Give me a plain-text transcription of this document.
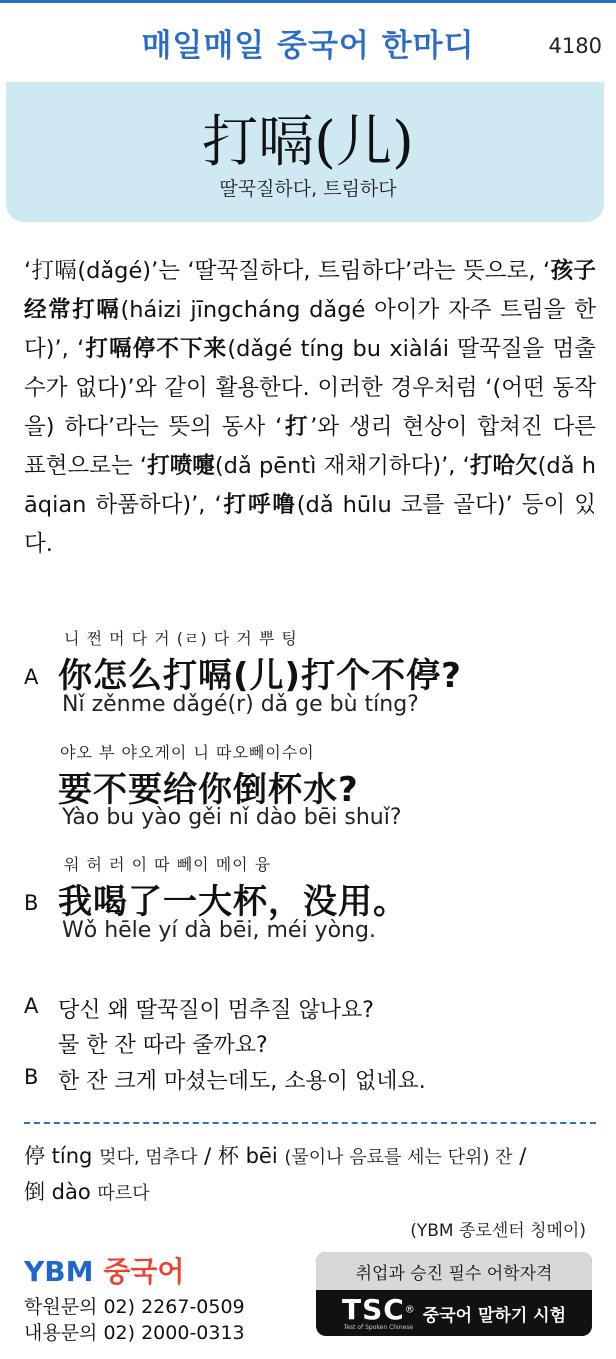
매일매일 중국어 한마디	4180
打嗝(儿)
딸꾹질하다, 트림하다
‘打嗝(dǎgé)’는 ‘딸꾹질하다, 트림하다’라는 뜻으로, ‘孩子经常打嗝(háizi jīngcháng dǎgé 아이가 자주 트림을 한다)’, ‘打嗝停不下来(dǎgé tíng bu xiàlái 딸꾹질을 멈출 수가 없다)’와 같이 활용한다. 이러한 경우처럼 ‘(어떤 동작을) 하다’라는 뜻의 동사 ‘打’와 생리 현상이 합쳐진 다른 표현으로는 ‘打喷嚏(dǎ pēntì 재채기하다)’, ‘打哈欠(dǎ hāqian 하품하다)’, ‘打呼噜(dǎ hūlu 코를 골다)’ 등이 있다.
니 쩐 머 다 거 (ㄹ) 다 거 뿌 팅
A 你怎么打嗝(儿)打个不停?
Nǐ zěnme dǎgé(r) dǎ ge bù tíng?
야오 부 야오게이 니 따오뻬이수이
要不要给你倒杯水?
Yào bu yào gěi nǐ dào bēi shuǐ?
워 허 러 이 따 뻬이 메이 융
B 我喝了一大杯，没用。
Wǒ hēle yí dà bēi, méi yòng.
A 당신 왜 딸꾹질이 멈추질 않나요?
물 한 잔 따라 줄까요?
B 한 잔 크게 마셨는데도, 소용이 없네요.
停 tíng 멎다, 멈추다 / 杯 bēi (물이나 음료를 세는 단위) 잔 /
倒 dào 따르다
(YBM 종로센터 칭메이)
YBM 중국어
학원문의 02) 2267-0509
내용문의 02) 2000-0313
취업과 승진 필수 어학자격
TSC®
Test of Spoken Chinese
중국어 말하기 시험
